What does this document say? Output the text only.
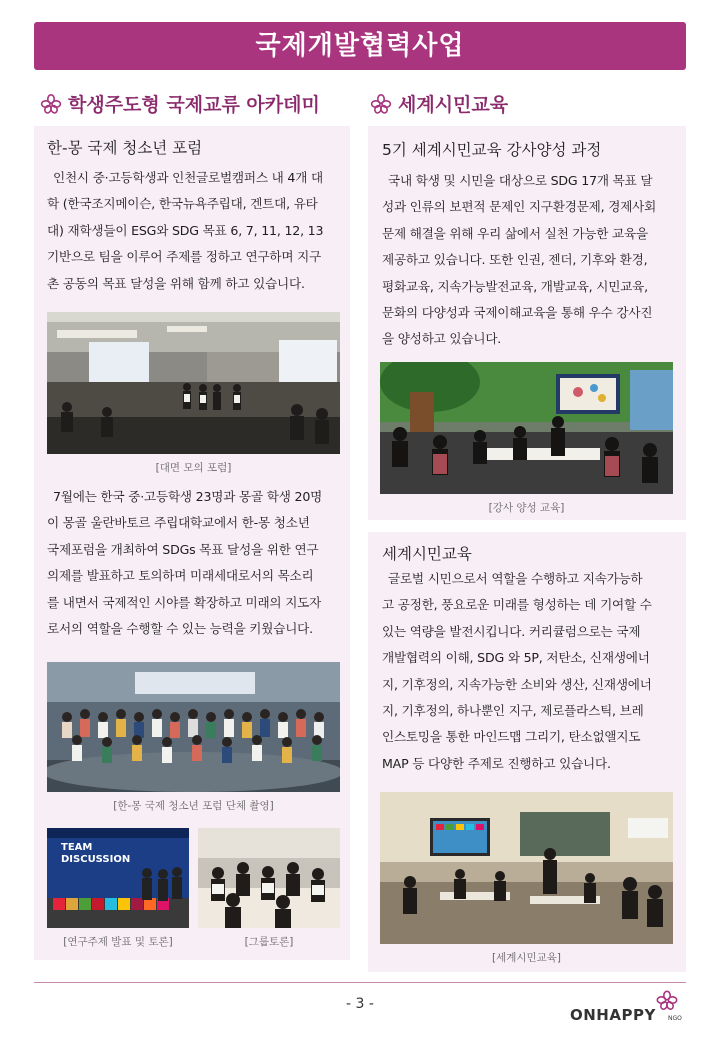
국제개발협력사업
학생주도형 국제교류 아카데미	세계시민교육
한-몽 국제 청소년 포럼
인천시 중·고등학생과 인천글로벌캠퍼스 내 4개 대
학 (한국조지메이슨, 한국뉴욕주립대, 겐트대, 유타
대) 재학생들이 ESG와 SDG 목표 6, 7, 11, 12, 13
기반으로 팀을 이루어 주제를 정하고 연구하며 지구
촌 공동의 목표 달성을 위해 함께 하고 있습니다.
[대면 모의 포럼]
7월에는 한국 중·고등학생 23명과 몽골 학생 20명
이 몽골 울란바토르 주립대학교에서 한-몽 청소년
국제포럼을 개최하여 SDGs 목표 달성을 위한 연구
의제를 발표하고 토의하며 미래세대로서의 목소리
를 내면서 국제적인 시야를 확장하고 미래의 지도자
로서의 역할을 수행할 수 있는 능력을 키웠습니다.
[한-몽 국제 청소년 포럼 단체 촬영]
TEAM
DISCUSSION
[연구주제 발표 및 토론]	[그룹토론]
5기 세계시민교육 강사양성 과정
국내 학생 및 시민을 대상으로 SDG 17개 목표 달
성과 인류의 보편적 문제인 지구환경문제, 경제사회
문제 해결을 위해 우리 삶에서 실천 가능한 교육을
제공하고 있습니다. 또한 인권, 젠더, 기후와 환경,
평화교육, 지속가능발전교육, 개발교육, 시민교육,
문화의 다양성과 국제이해교육을 통해 우수 강사진
을 양성하고 있습니다.
[강사 양성 교육]
세계시민교육
글로벌 시민으로서 역할을 수행하고 지속가능하
고 공정한, 풍요로운 미래를 형성하는 데 기여할 수
있는 역량을 발전시킵니다. 커리큘럼으로는 국제
개발협력의 이해, SDG 와 5P, 저탄소, 신재생에너
지, 기후정의, 지속가능한 소비와 생산, 신재생에너
지, 기후정의, 하나뿐인 지구, 제로플라스틱, 브레
인스토밍을 통한 마인드맵 그리기, 탄소없앨지도
MAP 등 다양한 주제로 진행하고 있습니다.
[세계시민교육]
- 3 -
ONHAPPY NGO
